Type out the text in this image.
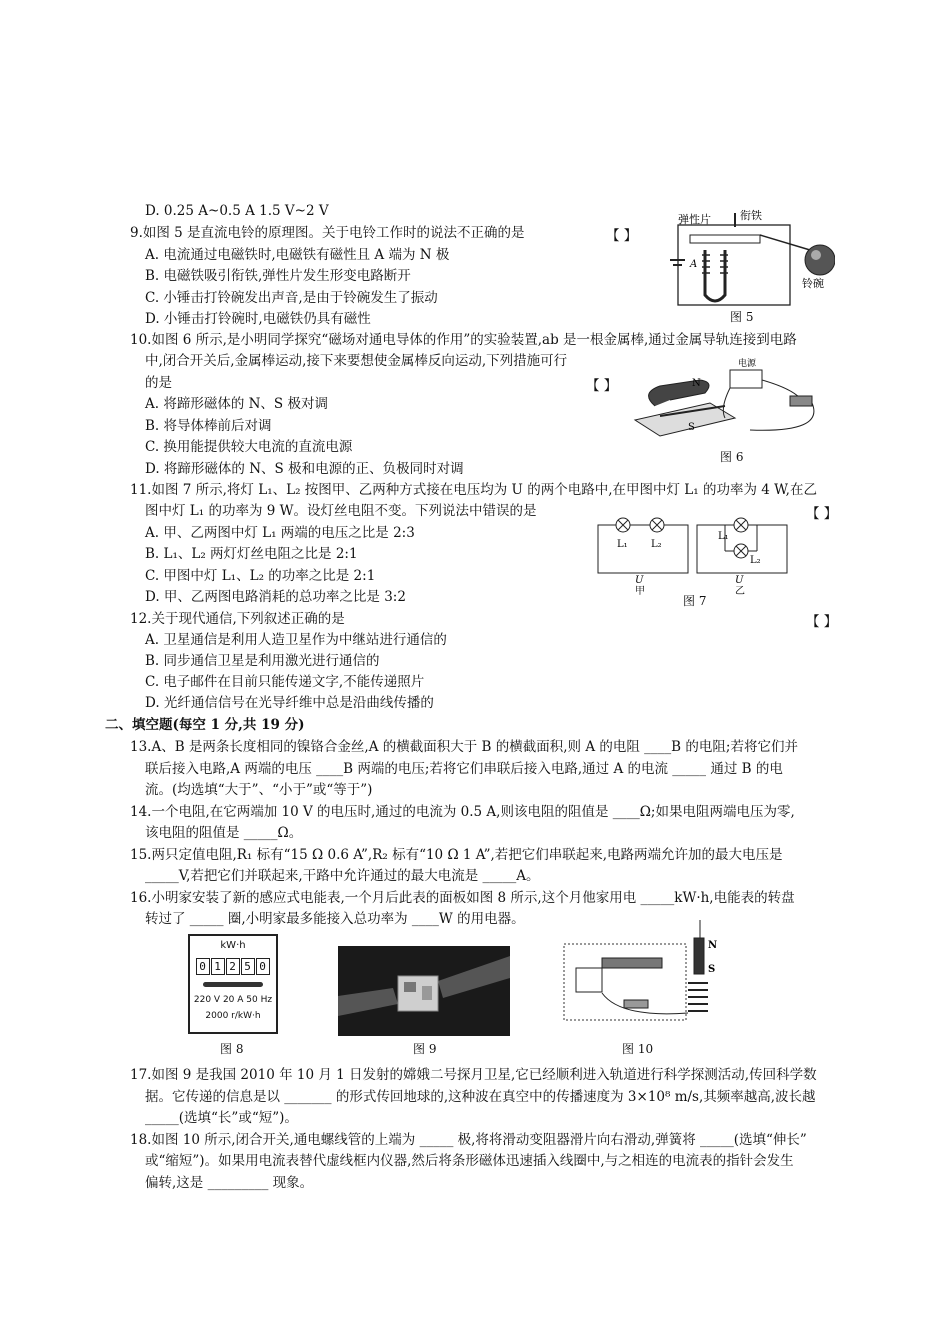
D. 0.25 A~0.5 A 1.5 V~2 V
9.如图 5 是直流电铃的原理图。关于电铃工作时的说法不正确的是	【 】
A. 电流通过电磁铁时,电磁铁有磁性且 A 端为 N 极
B. 电磁铁吸引衔铁,弹性片发生形变电路断开
C. 小锤击打铃碗发出声音,是由于铃碗发生了振动
D. 小锤击打铃碗时,电磁铁仍具有磁性
弹性片	衔铁
铃碗
A
图 5
10.如图 6 所示,是小明同学探究“磁场对通电导体的作用”的实验装置,ab 是一根金属棒,通过金属导轨连接到电路
中,闭合开关后,金属棒运动,接下来要想使金属棒反向运动,下列措施可行
的是	【 】
A. 将蹄形磁体的 N、S 极对调
B. 将导体棒前后对调
C. 换用能提供较大电流的直流电源
D. 将蹄形磁体的 N、S 极和电源的正、负极同时对调
电源
N
S
图 6
11.如图 7 所示,将灯 L₁、L₂ 按图甲、乙两种方式接在电压均为 U 的两个电路中,在甲图中灯 L₁ 的功率为 4 W,在乙
图中灯 L₁ 的功率为 9 W。设灯丝电阻不变。下列说法中错误的是	【 】
A. 甲、乙两图中灯 L₁ 两端的电压之比是 2:3
B. L₁、L₂ 两灯灯丝电阻之比是 2:1
C. 甲图中灯 L₁、L₂ 的功率之比是 2:1
D. 甲、乙两图电路消耗的总功率之比是 3:2
L₁ L₂
U
L₁
L₂
U
甲	乙
图 7
12.关于现代通信,下列叙述正确的是	【 】
A. 卫星通信是利用人造卫星作为中继站进行通信的
B. 同步通信卫星是利用激光进行通信的
C. 电子邮件在目前只能传递文字,不能传递照片
D. 光纤通信信号在光导纤维中总是沿曲线传播的
二、填空题(每空 1 分,共 19 分)
13.A、B 是两条长度相同的镍铬合金丝,A 的横截面积大于 B 的横截面积,则 A 的电阻 ____B 的电阻;若将它们并
联后接入电路,A 两端的电压 ____B 两端的电压;若将它们串联后接入电路,通过 A 的电流 _____ 通过 B 的电
流。(均选填“大于”、“小于”或“等于”)
14.一个电阻,在它两端加 10 V 的电压时,通过的电流为 0.5 A,则该电阻的阻值是 ____Ω;如果电阻两端电压为零,
该电阻的阻值是 _____Ω。
15.两只定值电阻,R₁ 标有“15 Ω 0.6 A”,R₂ 标有“10 Ω 1 A”,若把它们串联起来,电路两端允许加的最大电压是
_____V,若把它们并联起来,干路中允许通过的最大电流是 _____A。
16.小明家安装了新的感应式电能表,一个月后此表的面板如图 8 所示,这个月他家用电 _____kW·h,电能表的转盘
转过了 _____ 圈,小明家最多能接入总功率为 ____W 的用电器。
kW·h
0 1 2 5 0
220 V 20 A 50 Hz
2000 r/kW·h
图 8	图 9
N
S
图 10
17.如图 9 是我国 2010 年 10 月 1 日发射的嫦娥二号探月卫星,它已经顺利进入轨道进行科学探测活动,传回科学数
据。它传递的信息是以 _______ 的形式传回地球的,这种波在真空中的传播速度为 3×10⁸ m/s,其频率越高,波长越
_____(选填“长”或“短”)。
18.如图 10 所示,闭合开关,通电螺线管的上端为 _____ 极,将将滑动变阻器滑片向右滑动,弹簧将 _____(选填“伸长”
或“缩短”)。如果用电流表替代虚线框内仪器,然后将条形磁体迅速插入线圈中,与之相连的电流表的指针会发生
偏转,这是 _________ 现象。
